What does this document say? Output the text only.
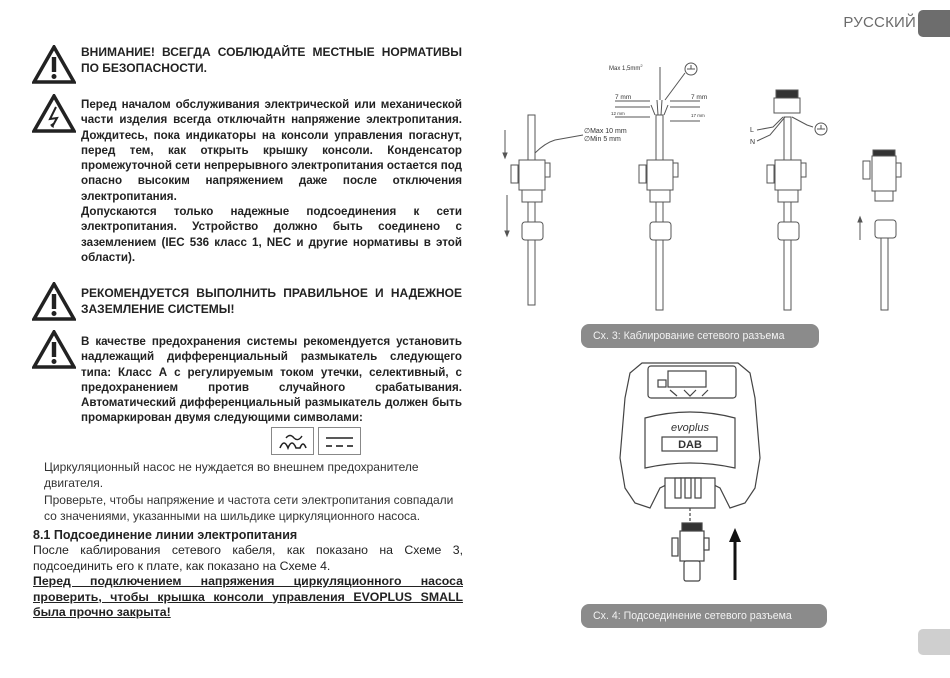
РУССКИЙ

ВНИМАНИЕ! ВСЕГДА СОБЛЮДАЙТЕ МЕСТНЫЕ НОРМАТИВЫ ПО БЕЗОПАСНОСТИ.

Перед началом обслуживания электрической или механической части изделия всегда отключайтн напряжение электропитания. Дождитесь, пока индикаторы на консоли управления погаснут, перед тем, как открыть крышку консоли. Конденсатор промежуточной сети непрерывного электропитания остается под опасно высоким напряжением даже после отключения электропитания.

Допускаются только надежные подсоединения к сети электропитания. Устройство должно быть соединено с заземлением (IEC 536 класс 1, NEC и другие нормативы в этой области).

РЕКОМЕНДУЕТСЯ ВЫПОЛНИТЬ ПРАВИЛЬНОЕ И НАДЕЖНОЕ ЗАЗЕМЛЕНИЕ СИСТЕМЫ!

В качестве предохранения системы рекомендуется установить надлежащий дифференциальный размыкатель следующего типа: Класс А с регулируемым током утечки, селективный, с предохранением против случайного срабатывания. Автоматический дифференциальный размыкатель должен быть промаркирован двумя следующими символами:

Циркуляционный насос не нуждается во внешнем предохранителе двигателя.

Проверьте, чтобы напряжение и частота сети электропитания совпадали со значениями, указанными на шильдике циркуляционного насоса.

8.1 Подсоединение линии электропитания

После каблирования сетевого кабеля, как показано на Схеме 3, подсоединить его к плате, как показано на Схеме 4.

Перед подключением напряжения циркуляционного насоса проверить, чтобы крышка консоли управления EVOPLUS SMALL была прочно закрыта!

∅Max 10 mm
∅Min 5 mm
Max $1,5mm^2$
7 mm
12 mm
7 mm
17 mm
L
N
Сх. 3: Каблирование сетевого разъема
evoplus
DAB
Сх. 4: Подсоединение сетевого разъема
